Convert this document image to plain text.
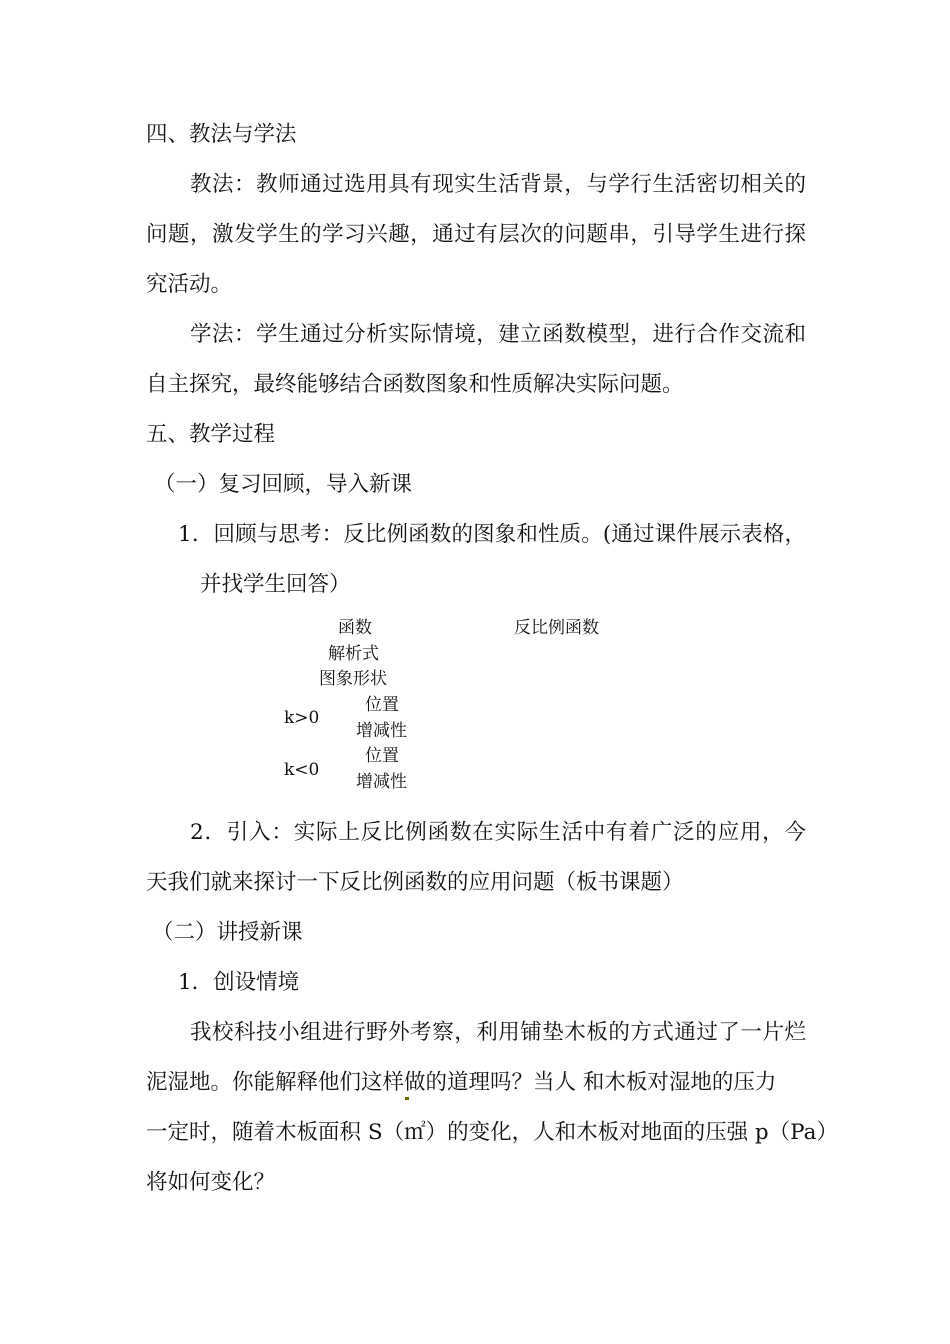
四、教法与学法
教法：教师通过选用具有现实生活背景，与学行生活密切相关的
问题，激发学生的学习兴趣，通过有层次的问题串，引导学生进行探
究活动。
学法：学生通过分析实际情境，建立函数模型，进行合作交流和
自主探究，最终能够结合函数图象和性质解决实际问题。
五、教学过程
（一）复习回顾，导入新课
1．回顾与思考：反比例函数的图象和性质。(通过课件展示表格，
并找学生回答）
函数	反比例函数
解析式
图象形状
位置
k>0
增减性
位置
k<0
增减性
2．引入：实际上反比例函数在实际生活中有着广泛的应用，今
天我们就来探讨一下反比例函数的应用问题（板书课题）
（二）讲授新课
1．创设情境
我校科技小组进行野外考察，利用铺垫木板的方式通过了一片烂
泥湿地。你能解释他们这样做的道理吗？当人 和木板对湿地的压力
一定时，随着木板面积 S（㎡）的变化，人和木板对地面的压强 p（Pa）
将如何变化？
